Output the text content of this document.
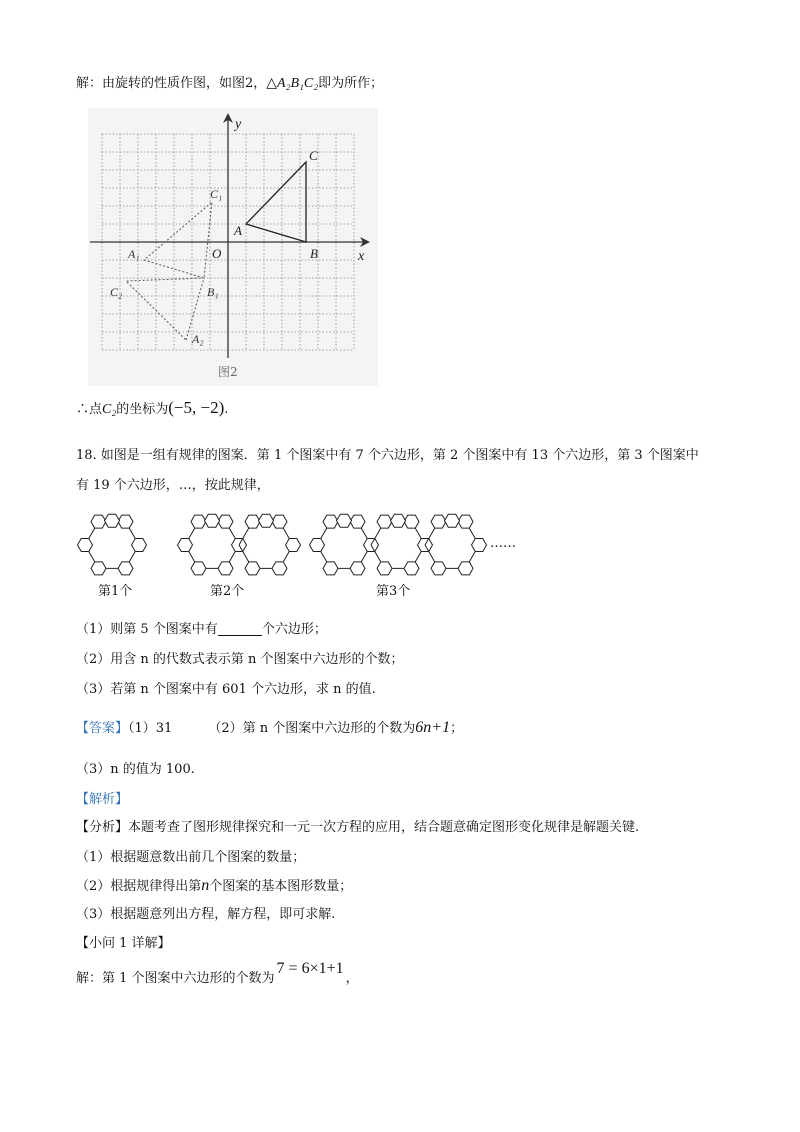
解：由旋转的性质作图，如图2，△A₂B₁C₂即为所作；
y
x
O
A
B
C
C₁
A₁
B₁
C₂
A₂
图2
∴点C₂的坐标为(−5, −2).
18. 如图是一组有规律的图案．第 1 个图案中有 7 个六边形，第 2 个图案中有 13 个六边形，第 3 个图案中
有 19 个六边形，…，按此规律，
第1个	第2个	第3个
……
（1）则第 5 个图案中有	个六边形；
（2）用含 n 的代数式表示第 n 个图案中六边形的个数；
（3）若第 n 个图案中有 601 个六边形，求 n 的值.
【答案】（1）31	（2）第 n 个图案中六边形的个数为6n+1；
（3）n 的值为 100.
【解析】
【分析】本题考查了图形规律探究和一元一次方程的应用，结合题意确定图形变化规律是解题关键.
（1）根据题意数出前几个图案的数量；
（2）根据规律得出第n个图案的基本图形数量；
（3）根据题意列出方程，解方程，即可求解.
【小问 1 详解】
解：第 1 个图案中六边形的个数为7 = 6×1+1，
